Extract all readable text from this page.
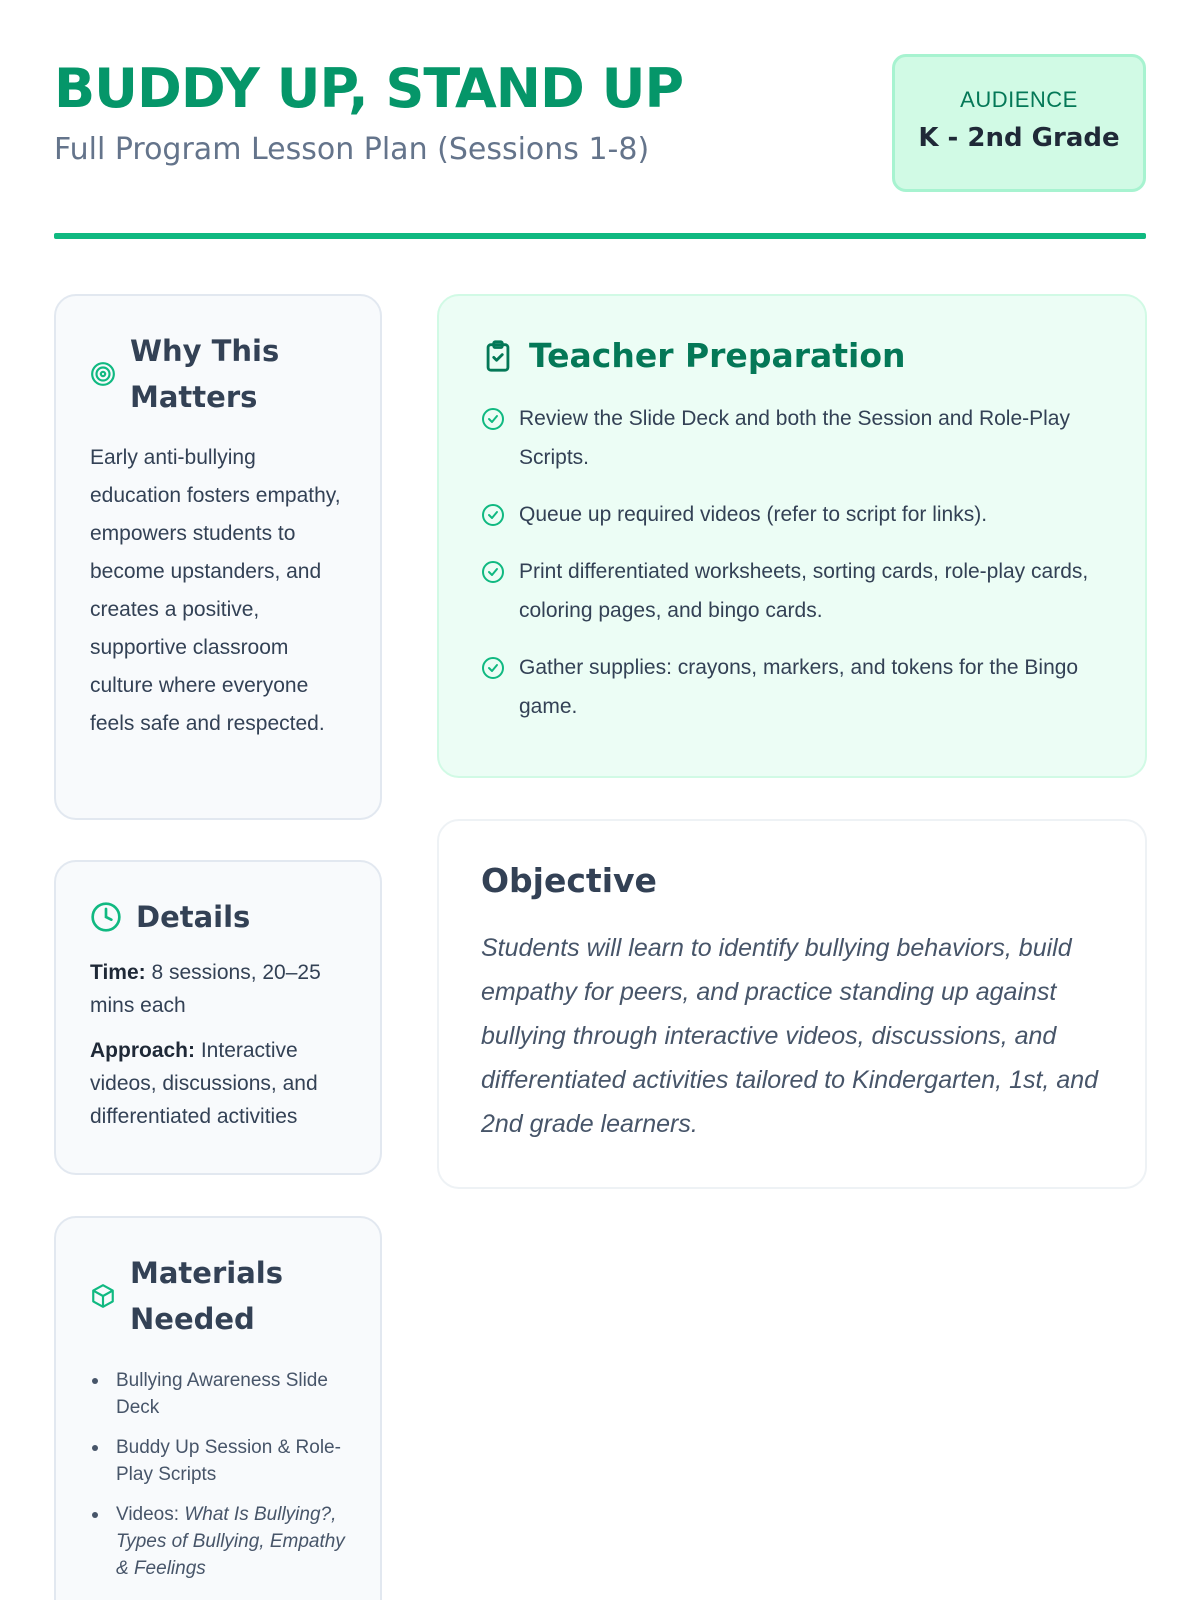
BUDDY UP, STAND UP
Full Program Lesson Plan (Sessions 1-8)
AUDIENCE
K - 2nd Grade
Why This
Matters

Early anti-bullying education fosters empathy, empowers students to become upstanders, and creates a positive, supportive classroom culture where everyone feels safe and respected.

Details
Time: 8 sessions, 20–25 mins each
Approach: Interactive videos, discussions, and differentiated activities
Materials
Needed
Bullying Awareness Slide Deck
Buddy Up Session & Role-Play Scripts
Videos: What Is Bullying?, Types of Bullying, Empathy & Feelings
Teacher Preparation
Review the Slide Deck and both the Session and Role-Play Scripts.
Queue up required videos (refer to script for links).
Print differentiated worksheets, sorting cards, role-play cards, coloring pages, and bingo cards.
Gather supplies: crayons, markers, and tokens for the Bingo game.
Objective

Students will learn to identify bullying behaviors, build empathy for peers, and practice standing up against bullying through interactive videos, discussions, and differentiated activities tailored to Kindergarten, 1st, and 2nd grade learners.
